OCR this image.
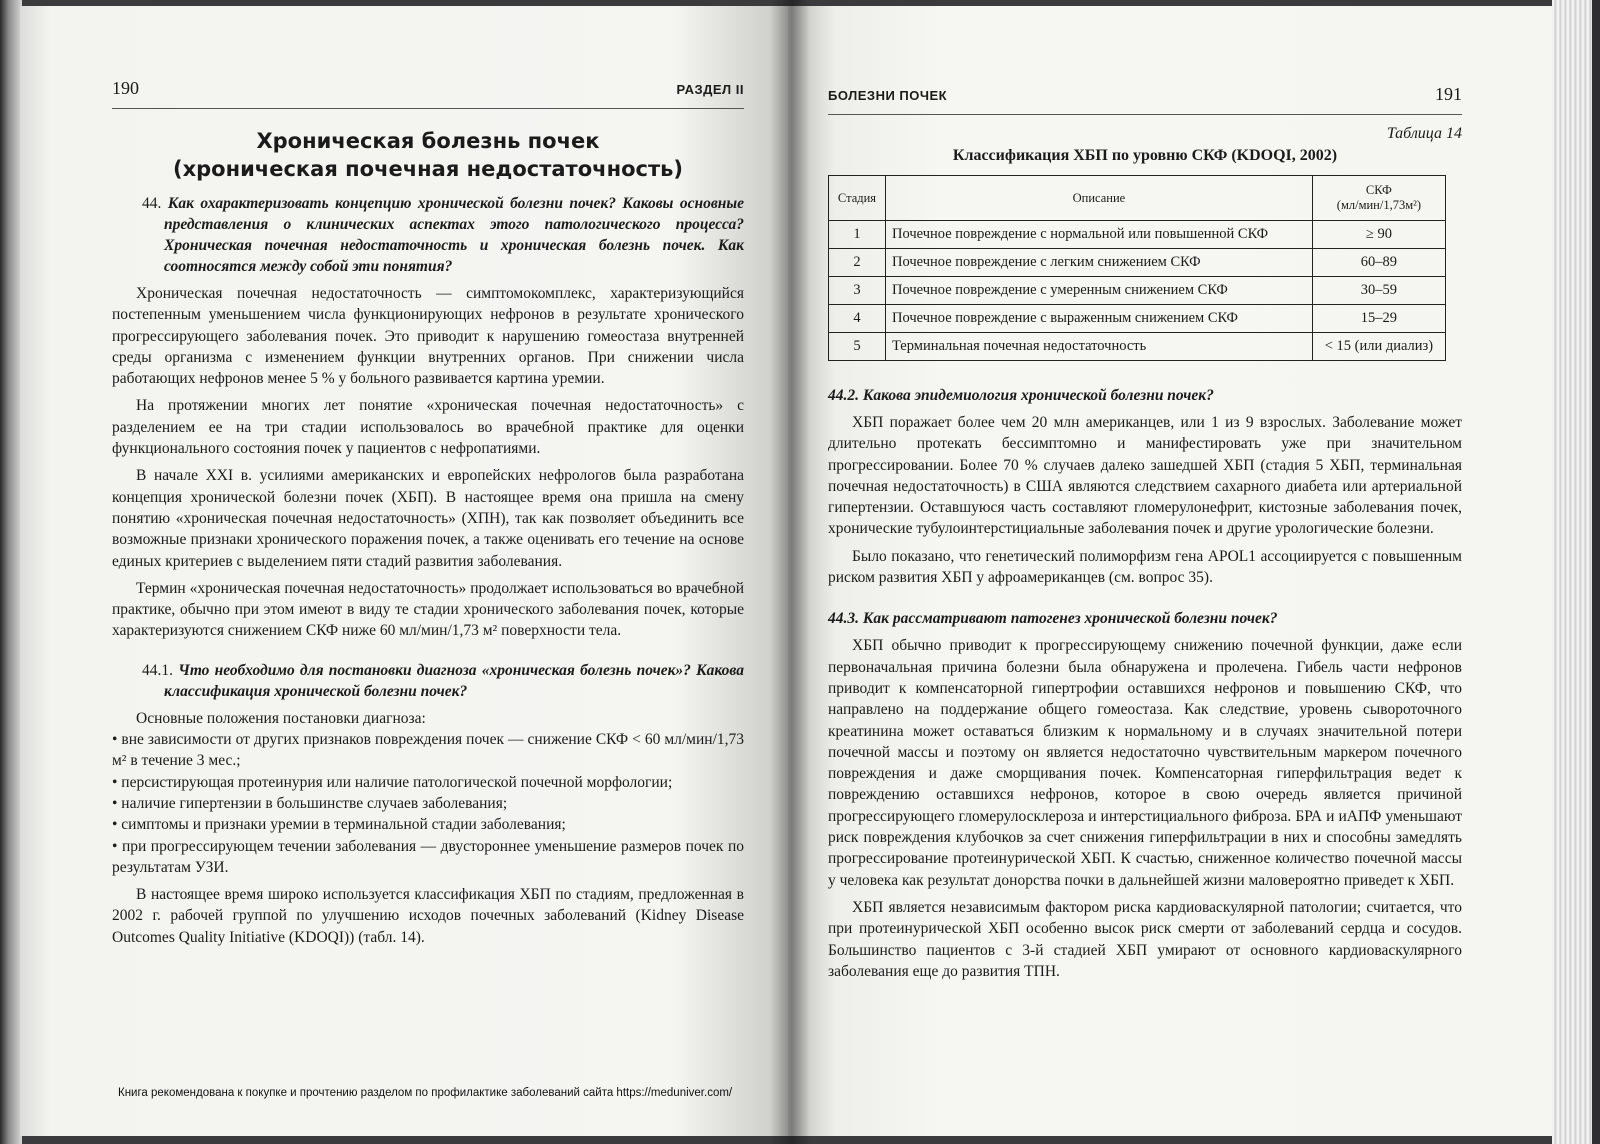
190	РАЗДЕЛ II
Хроническая болезнь почек
(хроническая почечная недостаточность)
44. Как охарактеризовать концепцию хронической болезни почек? Каковы основные представления о клинических аспектах этого патологического процесса? Хроническая почечная недостаточность и хроническая болезнь почек. Как соотносятся между собой эти понятия?

Хроническая почечная недостаточность — симптомокомплекс, характеризующийся постепенным уменьшением числа функционирующих нефронов в результате хронического прогрессирующего заболевания почек. Это приводит к нарушению гомеостаза внутренней среды организма с изменением функции внутренних органов. При снижении числа работающих нефронов менее 5 % у больного развивается картина уремии.

На протяжении многих лет понятие «хроническая почечная недостаточность» с разделением ее на три стадии использовалось во врачебной практике для оценки функционального состояния почек у пациентов с нефропатиями.

В начале XXI в. усилиями американских и европейских нефрологов была разработана концепция хронической болезни почек (ХБП). В настоящее время она пришла на смену понятию «хроническая почечная недостаточность» (ХПН), так как позволяет объединить все возможные признаки хронического поражения почек, а также оценивать его течение на основе единых критериев с выделением пяти стадий развития заболевания.

Термин «хроническая почечная недостаточность» продолжает использоваться во врачебной практике, обычно при этом имеют в виду те стадии хронического заболевания почек, которые характеризуются снижением СКФ ниже 60 мл/мин/1,73 м² поверхности тела.

44.1. Что необходимо для постановки диагноза «хроническая болезнь почек»? Какова классификация хронической болезни почек?

Основные положения постановки диагноза:

• вне зависимости от других признаков повреждения почек — снижение СКФ < 60 мл/мин/1,73 м² в течение 3 мес.;
• персистирующая протеинурия или наличие патологической почечной морфологии;
• наличие гипертензии в большинстве случаев заболевания;
• симптомы и признаки уремии в терминальной стадии заболевания;
• при прогрессирующем течении заболевания — двустороннее уменьшение размеров почек по результатам УЗИ.

В настоящее время широко используется классификация ХБП по стадиям, предложенная в 2002 г. рабочей группой по улучшению исходов почечных заболеваний (Kidney Disease Outcomes Quality Initiative (KDOQI)) (табл. 14).

БОЛЕЗНИ ПОЧЕК	191
Таблица 14
Классификация ХБП по уровню СКФ (KDOQI, 2002)
Стадия	Описание	СКФ
(мл/мин/1,73м²)

1	Почечное повреждение с нормальной или повышенной СКФ	≥ 90
2	Почечное повреждение с легким снижением СКФ	60–89
3	Почечное повреждение с умеренным снижением СКФ	30–59
4	Почечное повреждение с выраженным снижением СКФ	15–29
5	Терминальная почечная недостаточность	< 15 (или диализ)
44.2. Какова эпидемиология хронической болезни почек?

ХБП поражает более чем 20 млн американцев, или 1 из 9 взрослых. Заболевание может длительно протекать бессимптомно и манифестировать уже при значительном прогрессировании. Более 70 % случаев далеко зашедшей ХБП (стадия 5 ХБП, терминальная почечная недостаточность) в США являются следствием сахарного диабета или артериальной гипертензии. Оставшуюся часть составляют гломерулонефрит, кистозные заболевания почек, хронические тубулоинтерстициальные заболевания почек и другие урологические болезни.

Было показано, что генетический полиморфизм гена APOL1 ассоциируется с повышенным риском развития ХБП у афроамериканцев (см. вопрос 35).

44.3. Как рассматривают патогенез хронической болезни почек?

ХБП обычно приводит к прогрессирующему снижению почечной функции, даже если первоначальная причина болезни была обнаружена и пролечена. Гибель части нефронов приводит к компенсаторной гипертрофии оставшихся нефронов и повышению СКФ, что направлено на поддержание общего гомеостаза. Как следствие, уровень сывороточного креатинина может оставаться близким к нормальному и в случаях значительной потери почечной массы и поэтому он является недостаточно чувствительным маркером почечного повреждения и даже сморщивания почек. Компенсаторная гиперфильтрация ведет к повреждению оставшихся нефронов, которое в свою очередь является причиной прогрессирующего гломерулосклероза и интерстициального фиброза. БРА и иАПФ уменьшают риск повреждения клубочков за счет снижения гиперфильтрации в них и способны замедлять прогрессирование протеинурической ХБП. К счастью, сниженное количество почечной массы у человека как результат донорства почки в дальнейшей жизни маловероятно приведет к ХБП.

ХБП является независимым фактором риска кардиоваскулярной патологии; считается, что при протеинурической ХБП особенно высок риск смерти от заболеваний сердца и сосудов. Большинство пациентов с 3-й стадией ХБП умирают от основного кардиоваскулярного заболевания еще до развития ТПН.

Книга рекомендована к покупке и прочтению разделом по профилактике заболеваний сайта https://meduniver.com/
